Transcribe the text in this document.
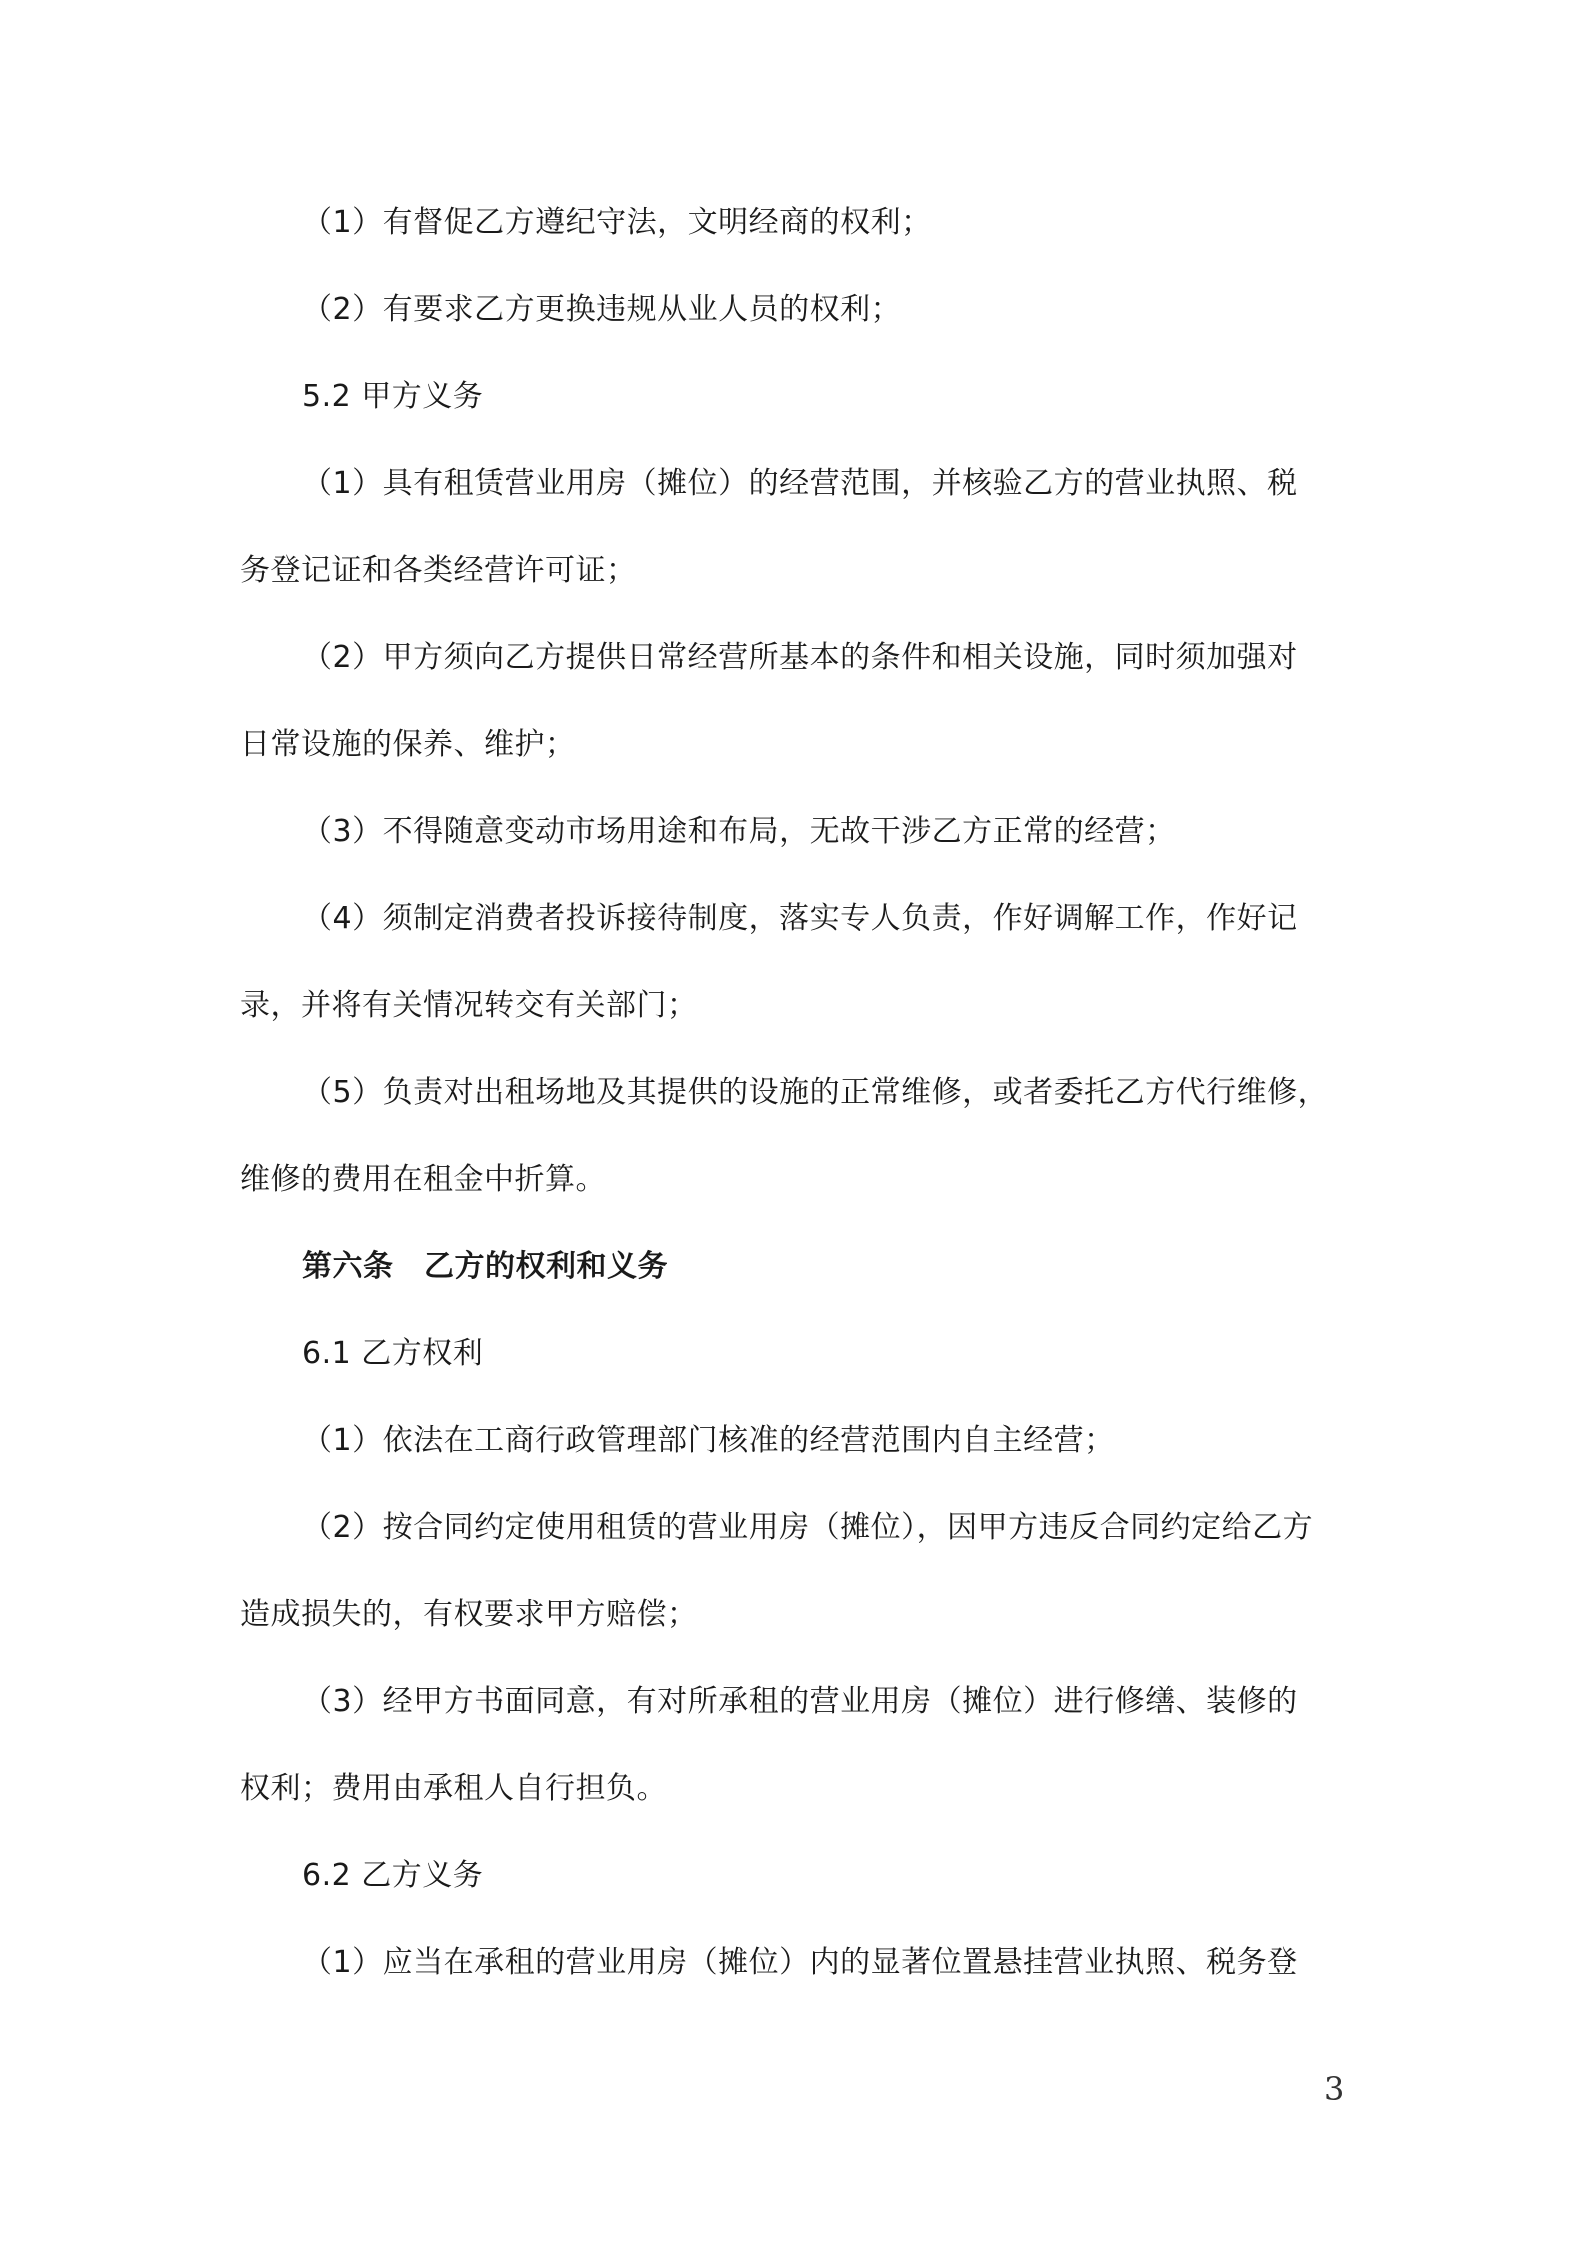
（1）有督促乙方遵纪守法，文明经商的权利；
（2）有要求乙方更换违规从业人员的权利；
5.2 甲方义务
（1）具有租赁营业用房（摊位）的经营范围，并核验乙方的营业执照、税
务登记证和各类经营许可证；
（2）甲方须向乙方提供日常经营所基本的条件和相关设施，同时须加强对
日常设施的保养、维护；
（3）不得随意变动市场用途和布局，无故干涉乙方正常的经营；
（4）须制定消费者投诉接待制度，落实专人负责，作好调解工作，作好记
录，并将有关情况转交有关部门；
（5）负责对出租场地及其提供的设施的正常维修，或者委托乙方代行维修，
维修的费用在租金中折算。
第六条　乙方的权利和义务
6.1 乙方权利
（1）依法在工商行政管理部门核准的经营范围内自主经营；
（2）按合同约定使用租赁的营业用房（摊位），因甲方违反合同约定给乙方
造成损失的，有权要求甲方赔偿；
（3）经甲方书面同意，有对所承租的营业用房（摊位）进行修缮、装修的
权利；费用由承租人自行担负。
6.2 乙方义务
（1）应当在承租的营业用房（摊位）内的显著位置悬挂营业执照、税务登
3
